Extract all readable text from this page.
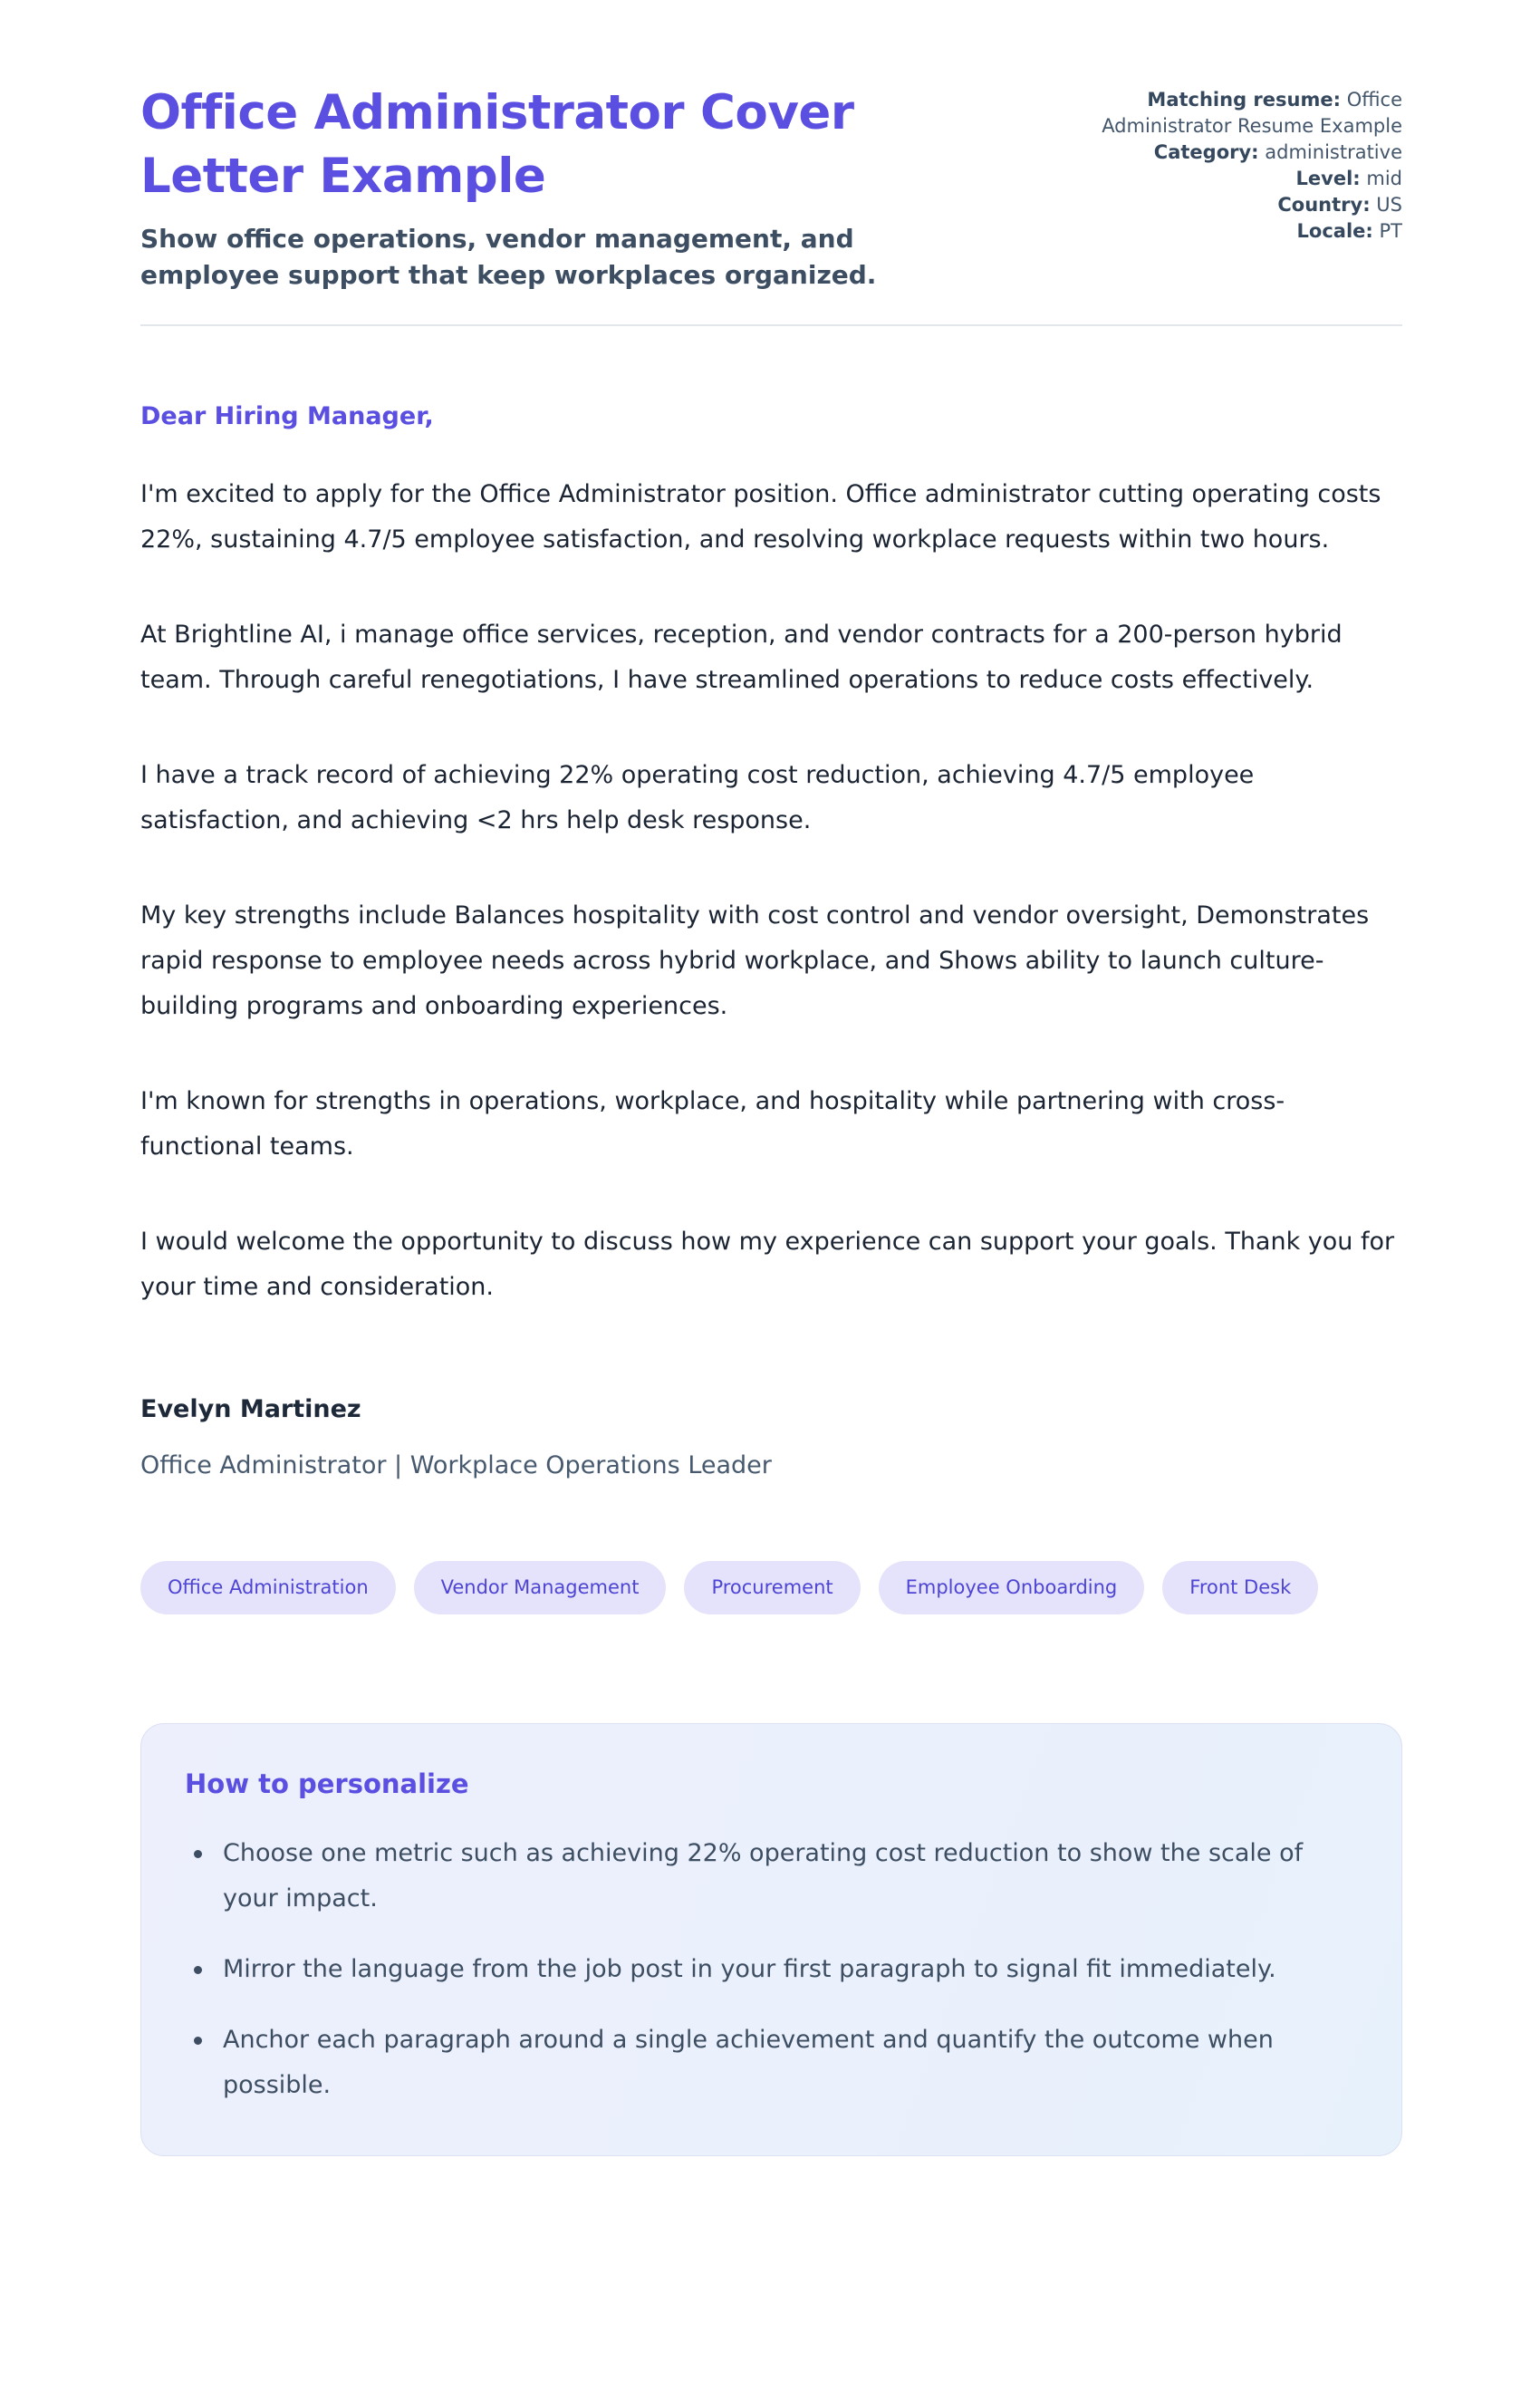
Office Administrator Cover Letter Example
Show office operations, vendor management, and employee support that keep workplaces organized.
Matching resume: Office Administrator Resume Example
Category: administrative
Level: mid
Country: US
Locale: PT

Dear Hiring Manager,

I'm excited to apply for the Office Administrator position. Office administrator cutting operating costs 22%, sustaining 4.7/5 employee satisfaction, and resolving workplace requests within two hours.

At Brightline AI, i manage office services, reception, and vendor contracts for a 200-person hybrid team. Through careful renegotiations, I have streamlined operations to reduce costs effectively.

I have a track record of achieving 22% operating cost reduction, achieving 4.7/5 employee satisfaction, and achieving <2 hrs help desk response.

My key strengths include Balances hospitality with cost control and vendor oversight, Demonstrates rapid response to employee needs across hybrid workplace, and Shows ability to launch culture-building programs and onboarding experiences.

I'm known for strengths in operations, workplace, and hospitality while partnering with cross-functional teams.

I would welcome the opportunity to discuss how my experience can support your goals. Thank you for your time and consideration.

Evelyn Martinez
Office Administrator | Workplace Operations Leader
Office Administration	Vendor Management	Procurement	Employee Onboarding	Front Desk
How to personalize
Choose one metric such as achieving 22% operating cost reduction to show the scale of your impact.
Mirror the language from the job post in your first paragraph to signal fit immediately.
Anchor each paragraph around a single achievement and quantify the outcome when possible.
